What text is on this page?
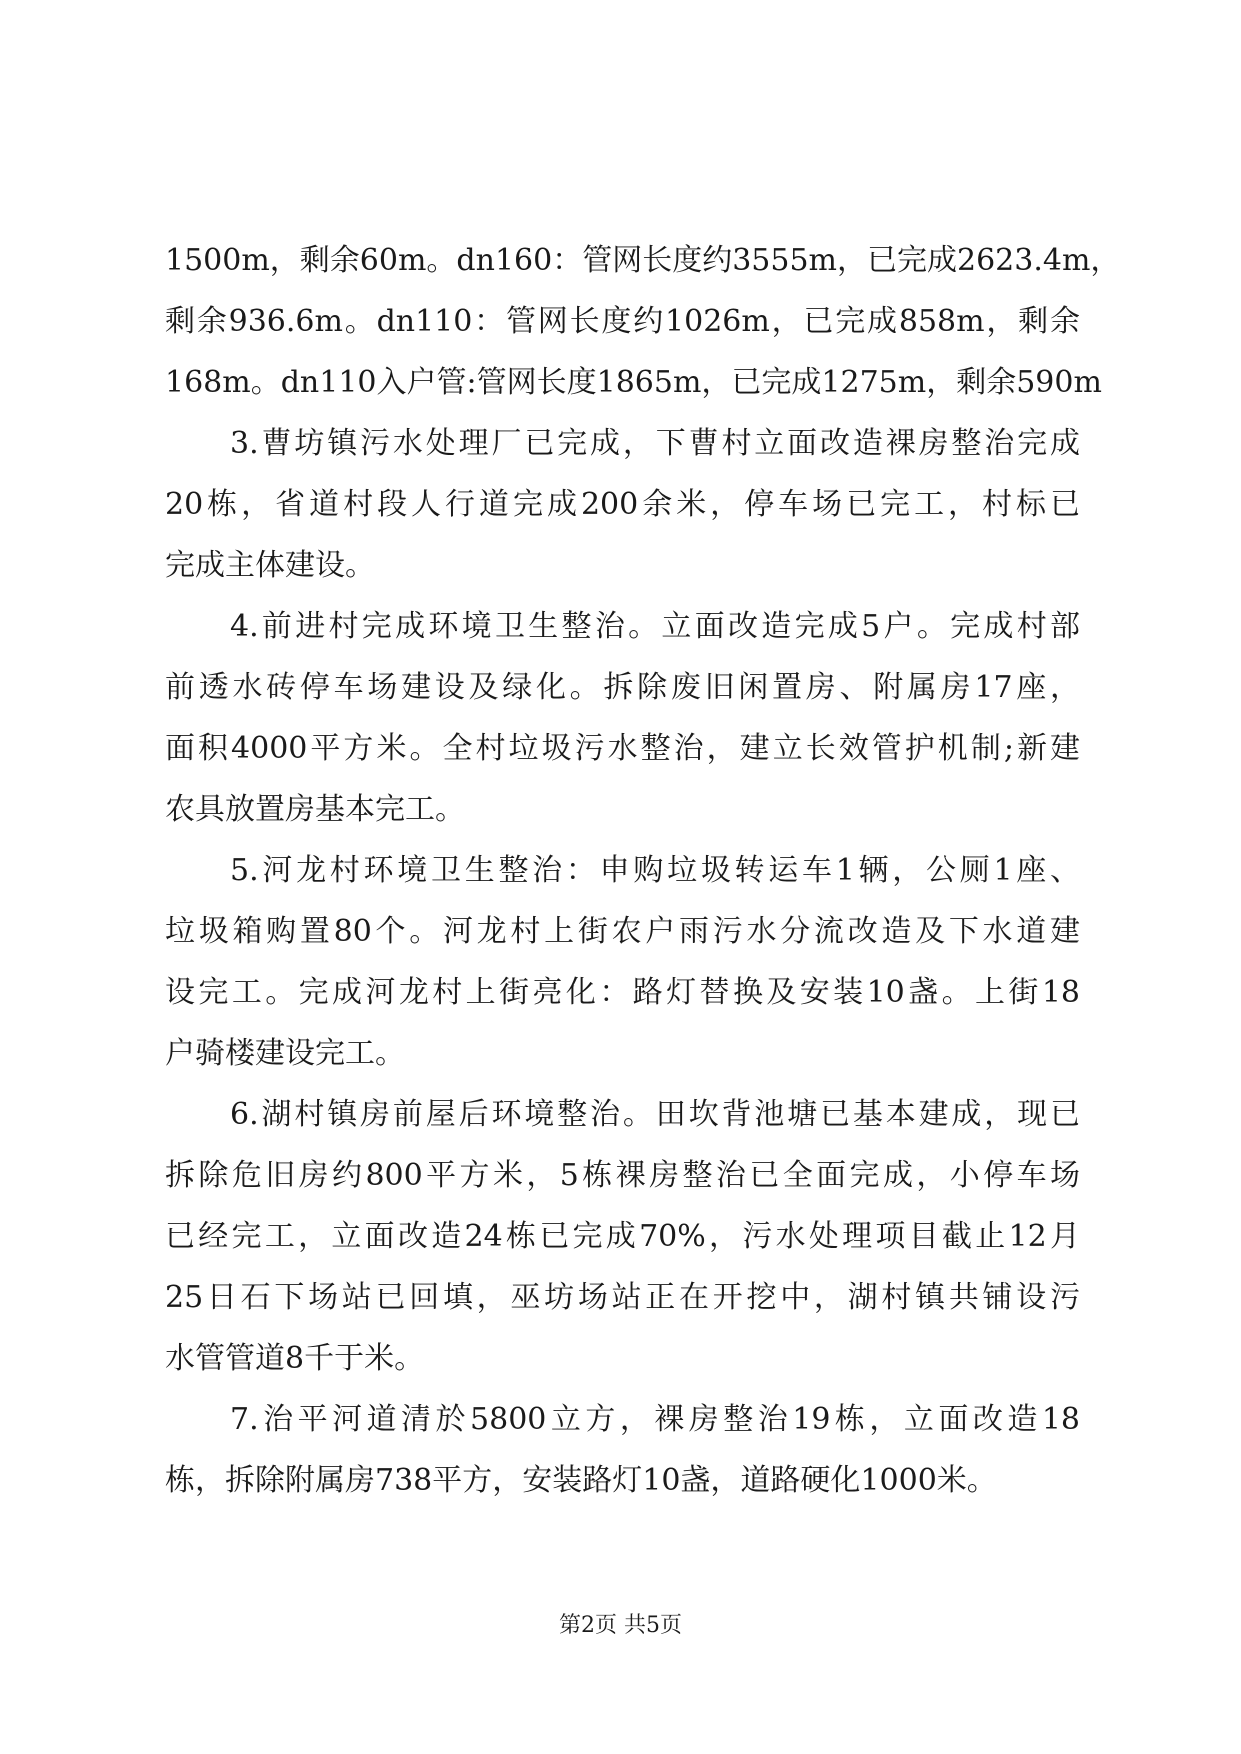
1500m，剩余60m。dn160：管网长度约3555m，已完成2623.4m，
剩余936.6m。dn110：管网长度约1026m，已完成858m，剩余
168m。dn110入户管:管网长度1865m，已完成1275m，剩余590m
3.曹坊镇污水处理厂已完成，下曹村立面改造裸房整治完成
20栋，省道村段人行道完成200余米，停车场已完工，村标已
完成主体建设。
4.前进村完成环境卫生整治。立面改造完成5户。完成村部
前透水砖停车场建设及绿化。拆除废旧闲置房、附属房17座，
面积4000平方米。全村垃圾污水整治，建立长效管护机制;新建
农具放置房基本完工。
5.河龙村环境卫生整治：申购垃圾转运车1辆，公厕1座、
垃圾箱购置80个。河龙村上街农户雨污水分流改造及下水道建
设完工。完成河龙村上街亮化：路灯替换及安装10盏。上街18
户骑楼建设完工。
6.湖村镇房前屋后环境整治。田坎背池塘已基本建成，现已
拆除危旧房约800平方米，5栋裸房整治已全面完成，小停车场
已经完工，立面改造24栋已完成70%，污水处理项目截止12月
25日石下场站已回填，巫坊场站正在开挖中，湖村镇共铺设污
水管管道8千于米。
7.治平河道清於5800立方，裸房整治19栋，立面改造18
栋，拆除附属房738平方，安装路灯10盏，道路硬化1000米。
第2页 共5页
